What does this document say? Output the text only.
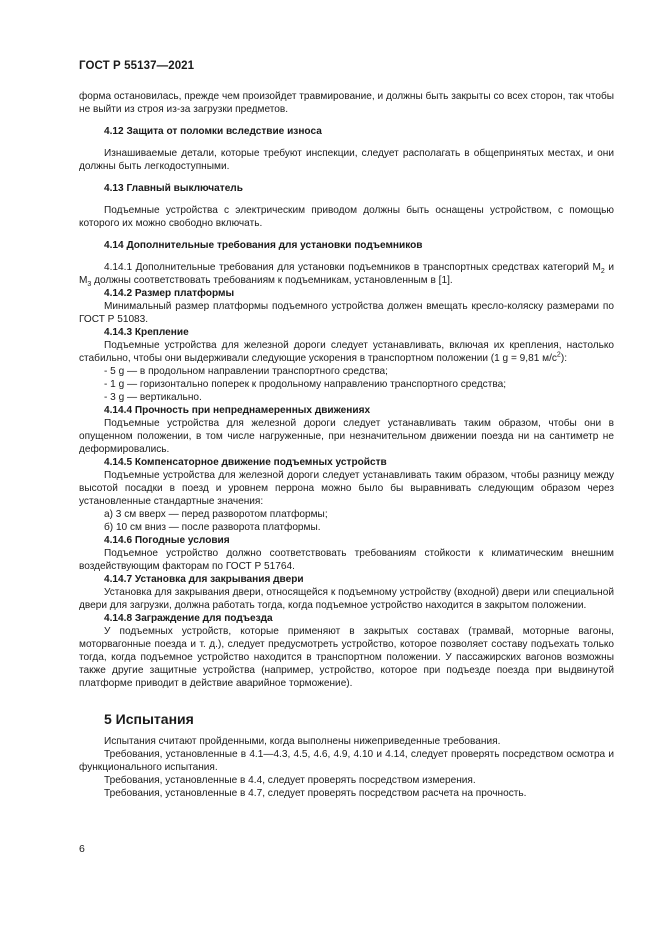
ГОСТ Р 55137—2021

форма остановилась, прежде чем произойдет травмирование, и должны быть закрыты со всех сторон, так чтобы не выйти из строя из-за загрузки предметов.

4.12 Защита от поломки вследствие износа

Изнашиваемые детали, которые требуют инспекции, следует располагать в общепринятых местах, и они должны быть легкодоступными.

4.13 Главный выключатель

Подъемные устройства с электрическим приводом должны быть оснащены устройством, с помощью которого их можно свободно включать.

4.14 Дополнительные требования для установки подъемников

4.14.1 Дополнительные требования для установки подъемников в транспортных средствах категорий $M_2$ и $M_3$ должны соответствовать требованиям к подъемникам, установленным в [1].

4.14.2 Размер платформы

Минимальный размер платформы подъемного устройства должен вмещать кресло-коляску размерами по ГОСТ Р 51083.

4.14.3 Крепление

Подъемные устройства для железной дороги следует устанавливать, включая их крепления, настолько стабильно, чтобы они выдерживали следующие ускорения в транспортном положении (1 g = 9,81 $м/с^2$):

- 5 g — в продольном направлении транспортного средства;

- 1 g — горизонтально поперек к продольному направлению транспортного средства;

- 3 g — вертикально.

4.14.4 Прочность при непреднамеренных движениях

Подъемные устройства для железной дороги следует устанавливать таким образом, чтобы они в опущенном положении, в том числе нагруженные, при незначительном движении поезда ни на сантиметр не деформировались.

4.14.5 Компенсаторное движение подъемных устройств

Подъемные устройства для железной дороги следует устанавливать таким образом, чтобы разницу между высотой посадки в поезд и уровнем перрона можно было бы выравнивать следующим образом через установленные стандартные значения:

а) 3 см вверх — перед разворотом платформы;

б) 10 см вниз — после разворота платформы.

4.14.6 Погодные условия

Подъемное устройство должно соответствовать требованиям стойкости к климатическим внешним воздействующим факторам по ГОСТ Р 51764.

4.14.7 Установка для закрывания двери

Установка для закрывания двери, относящейся к подъемному устройству (входной) двери или специальной двери для загрузки, должна работать тогда, когда подъемное устройство находится в закрытом положении.

4.14.8 Заграждение для подъезда

У подъемных устройств, которые применяют в закрытых составах (трамвай, моторные вагоны, моторвагонные поезда и т. д.), следует предусмотреть устройство, которое позволяет составу подъехать только тогда, когда подъемное устройство находится в транспортном положении. У пассажирских вагонов возможны также другие защитные устройства (например, устройство, которое при подъезде поезда при выдвинутой платформе приводит в действие аварийное торможение).

5 Испытания

Испытания считают пройденными, когда выполнены нижеприведенные требования.

Требования, установленные в 4.1—4.3, 4.5, 4.6, 4.9, 4.10 и 4.14, следует проверять посредством осмотра и функционального испытания.

Требования, установленные в 4.4, следует проверять посредством измерения.

Требования, установленные в 4.7, следует проверять посредством расчета на прочность.

6
